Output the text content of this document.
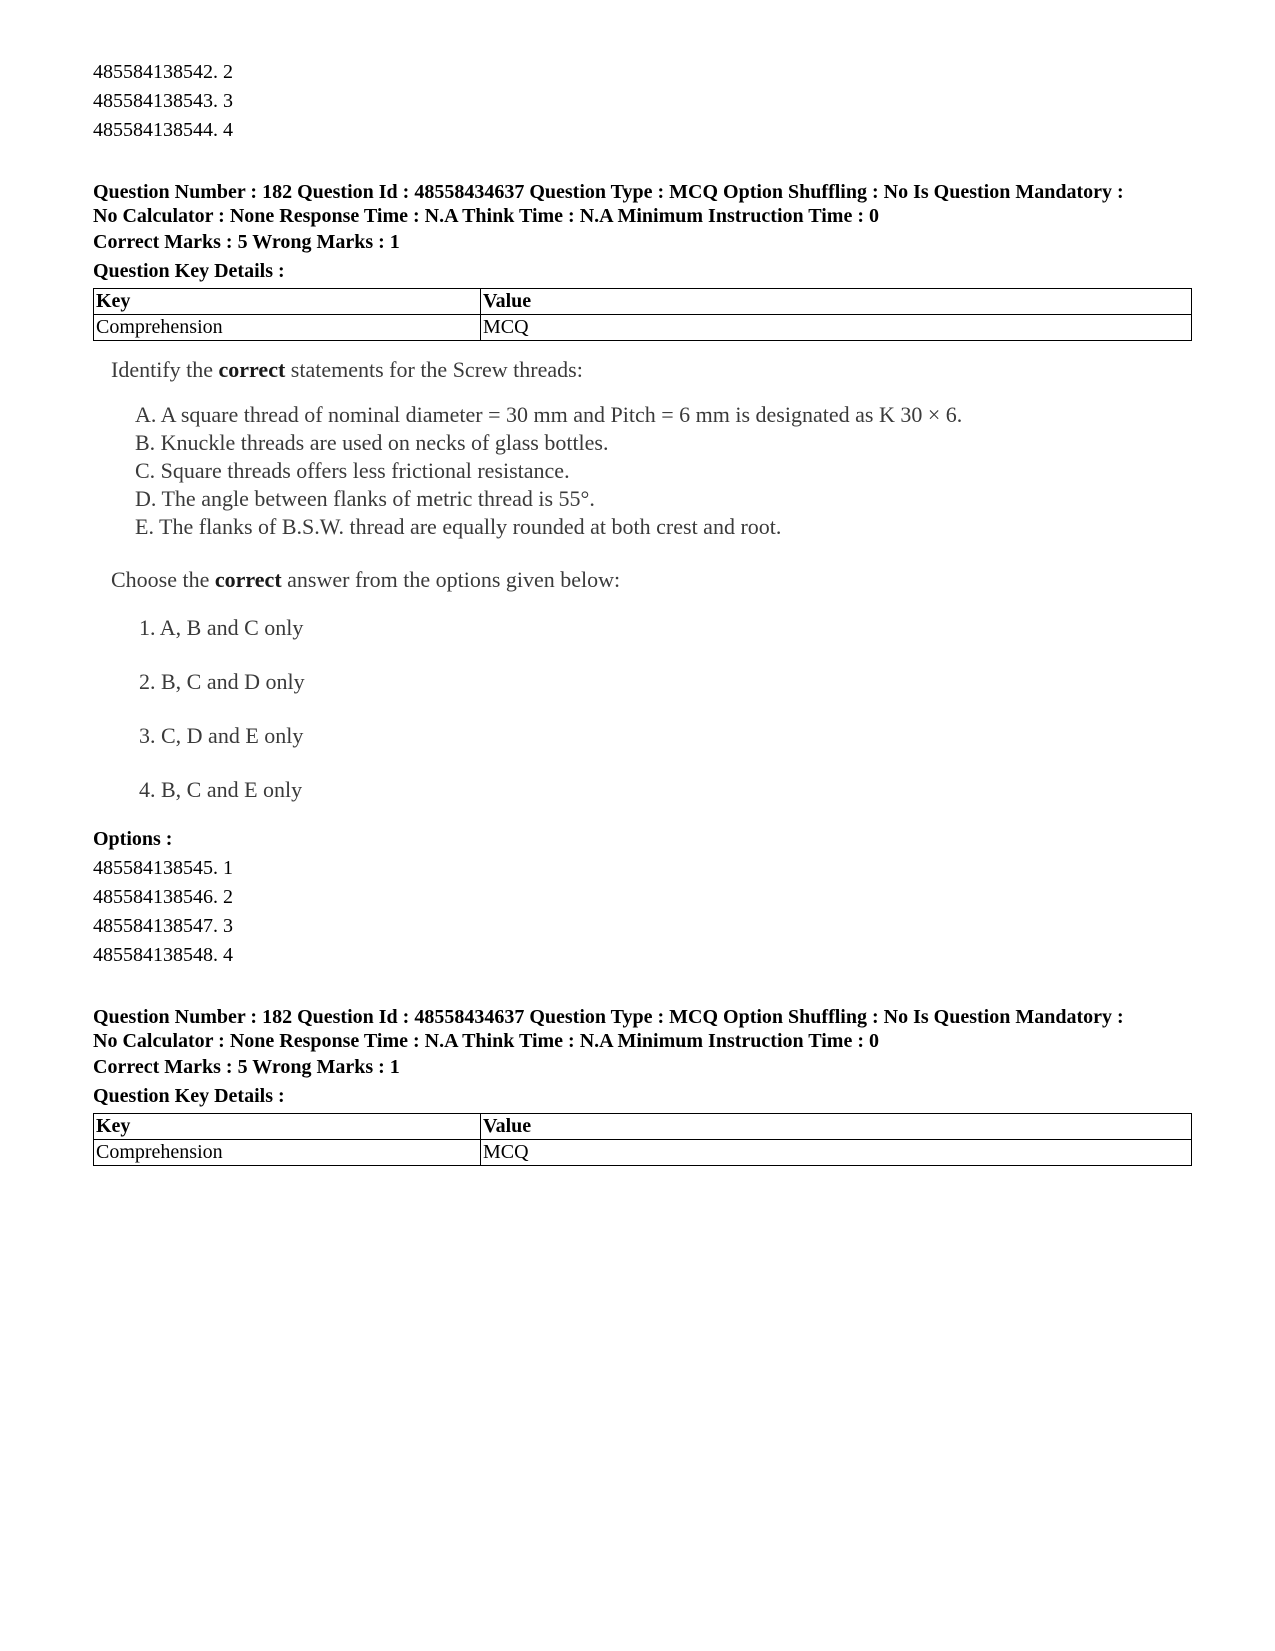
485584138542. 2
485584138543. 3
485584138544. 4
Question Number : 182 Question Id : 48558434637 Question Type : MCQ Option Shuffling : No Is Question Mandatory :
No Calculator : None Response Time : N.A Think Time : N.A Minimum Instruction Time : 0
Correct Marks : 5 Wrong Marks : 1
Question Key Details :
Key	Value
Comprehension	MCQ
Identify the correct statements for the Screw threads:
A. A square thread of nominal diameter = 30 mm and Pitch = 6 mm is designated as K 30 × 6.
B. Knuckle threads are used on necks of glass bottles.
C. Square threads offers less frictional resistance.
D. The angle between flanks of metric thread is 55°.
E. The flanks of B.S.W. thread are equally rounded at both crest and root.
Choose the correct answer from the options given below:
1. A, B and C only
2. B, C and D only
3. C, D and E only
4. B, C and E only
Options :
485584138545. 1
485584138546. 2
485584138547. 3
485584138548. 4
Question Number : 182 Question Id : 48558434637 Question Type : MCQ Option Shuffling : No Is Question Mandatory :
No Calculator : None Response Time : N.A Think Time : N.A Minimum Instruction Time : 0
Correct Marks : 5 Wrong Marks : 1
Question Key Details :
Key	Value
Comprehension	MCQ
